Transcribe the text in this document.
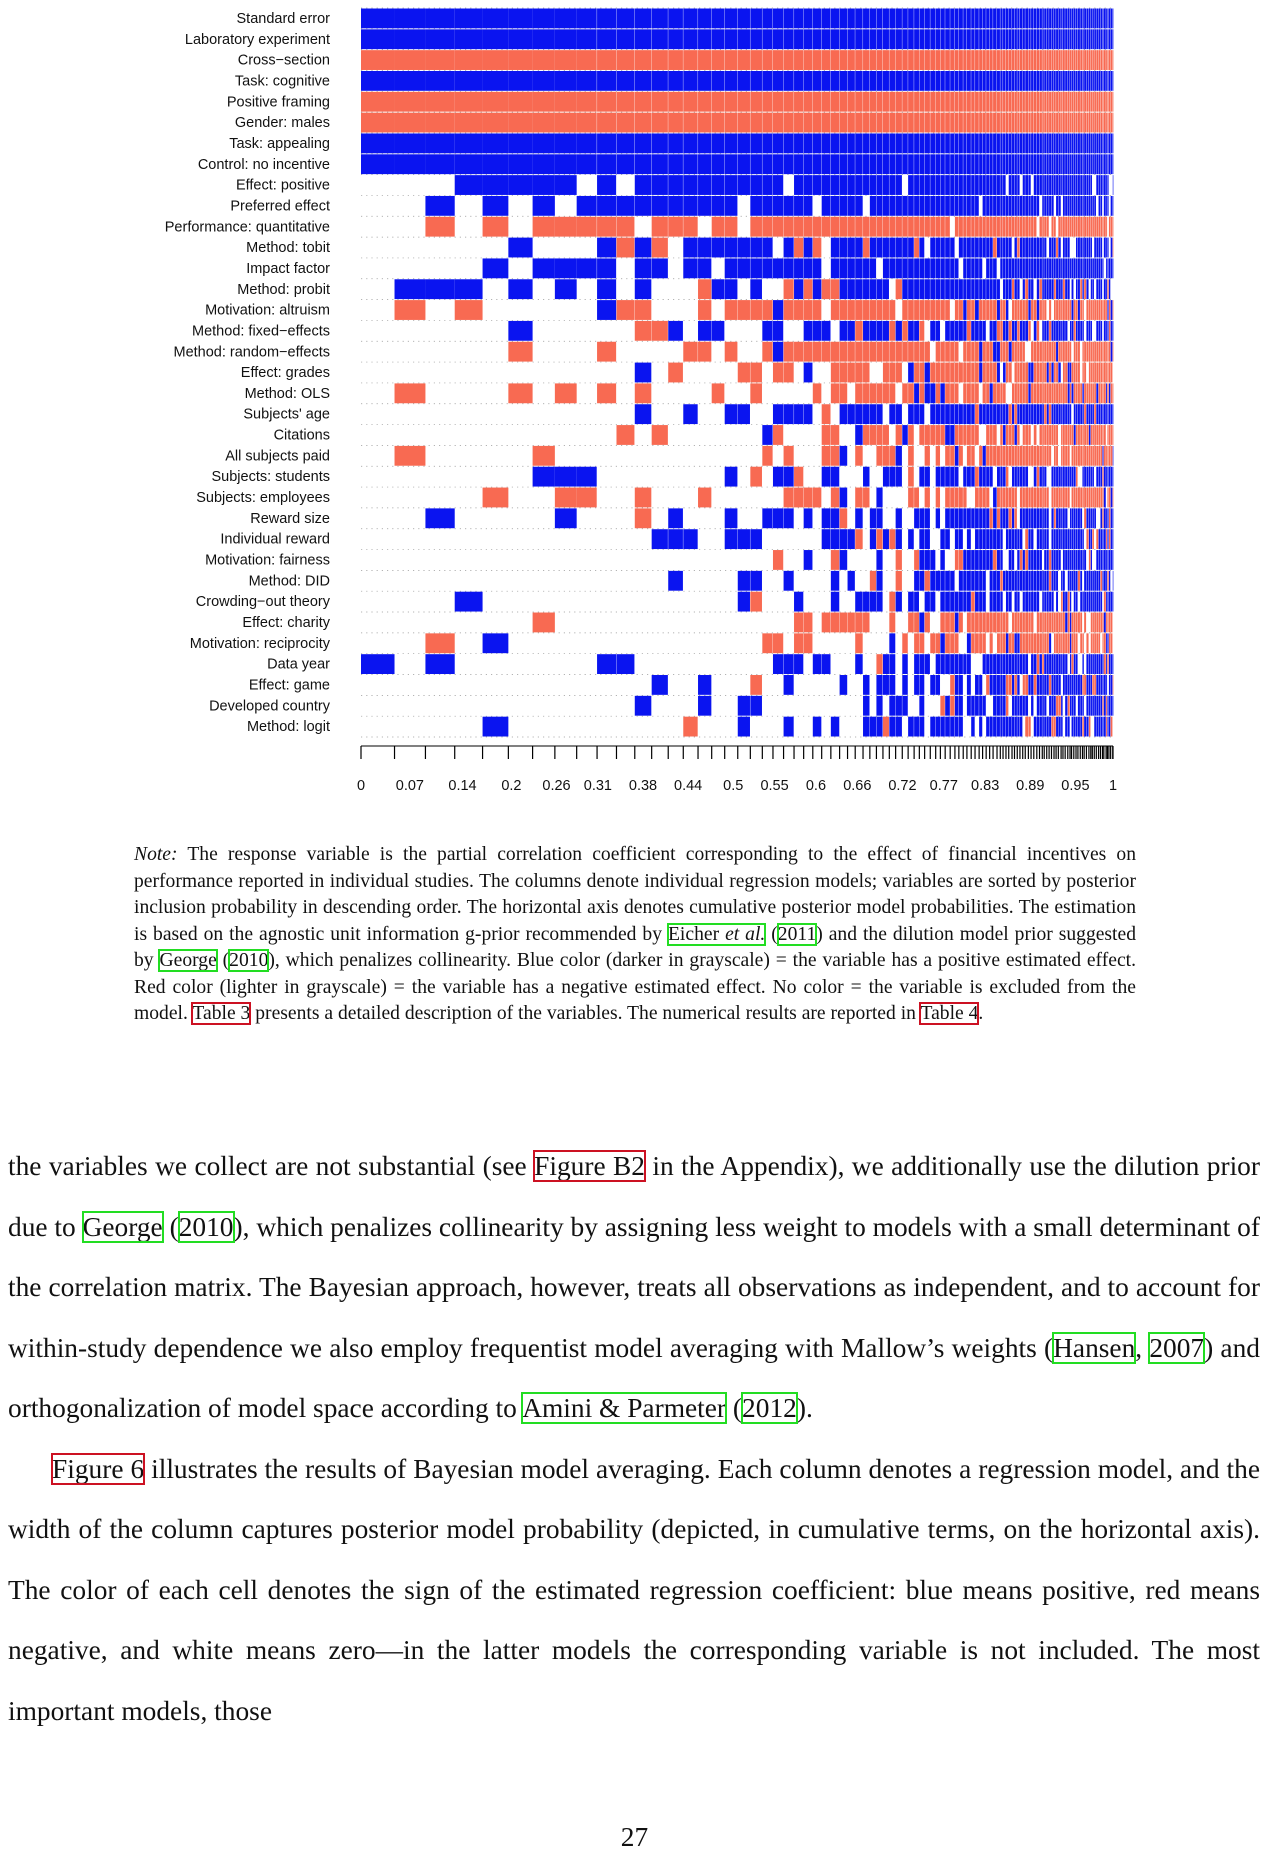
Standard error
Laboratory experiment
Cross−section
Task: cognitive
Positive framing
Gender: males
Task: appealing
Control: no incentive
Effect: positive
Preferred effect
Performance: quantitative
Method: tobit
Impact factor
Method: probit
Motivation: altruism
Method: fixed−effects
Method: random−effects
Effect: grades
Method: OLS
Subjects' age
Citations
All subjects paid
Subjects: students
Subjects: employees
Reward size
Individual reward
Motivation: fairness
Method: DID
Crowding−out theory
Effect: charity
Motivation: reciprocity
Data year
Effect: game
Developed country
Method: logit
0 0.07 0.14 0.2 0.26 0.31 0.38 0.44 0.5 0.55 0.6 0.66 0.72 0.77 0.83 0.89 0.95 1
Note: The response variable is the partial correlation coefficient corresponding to the effect of financial incentives on performance reported in individual studies. The columns denote individual regression models; variables are sorted by posterior inclusion probability in descending order. The horizontal axis denotes cumulative posterior model probabilities. The estimation is based on the agnostic unit information g-prior recommended by Eicher et al. (2011) and the dilution model prior suggested by George (2010), which penalizes collinearity. Blue color (darker in grayscale) = the variable has a positive estimated effect. Red color (lighter in grayscale) = the variable has a negative estimated effect. No color = the variable is excluded from the model. Table 3 presents a detailed description of the variables. The numerical results are reported in Table 4.

the variables we collect are not substantial (see Figure B2 in the Appendix), we additionally use the dilution prior due to George (2010), which penalizes collinearity by assigning less weight to models with a small determinant of the correlation matrix. The Bayesian approach, however, treats all observations as independent, and to account for within-study dependence we also employ frequentist model averaging with Mallow’s weights (Hansen, 2007) and orthogonalization of model space according to Amini & Parmeter (2012).

Figure 6 illustrates the results of Bayesian model averaging. Each column denotes a regression model, and the width of the column captures posterior model probability (depicted, in cumulative terms, on the horizontal axis). The color of each cell denotes the sign of the estimated regression coefficient: blue means positive, red means negative, and white means zero—in the latter models the corresponding variable is not included. The most important models, those

27
